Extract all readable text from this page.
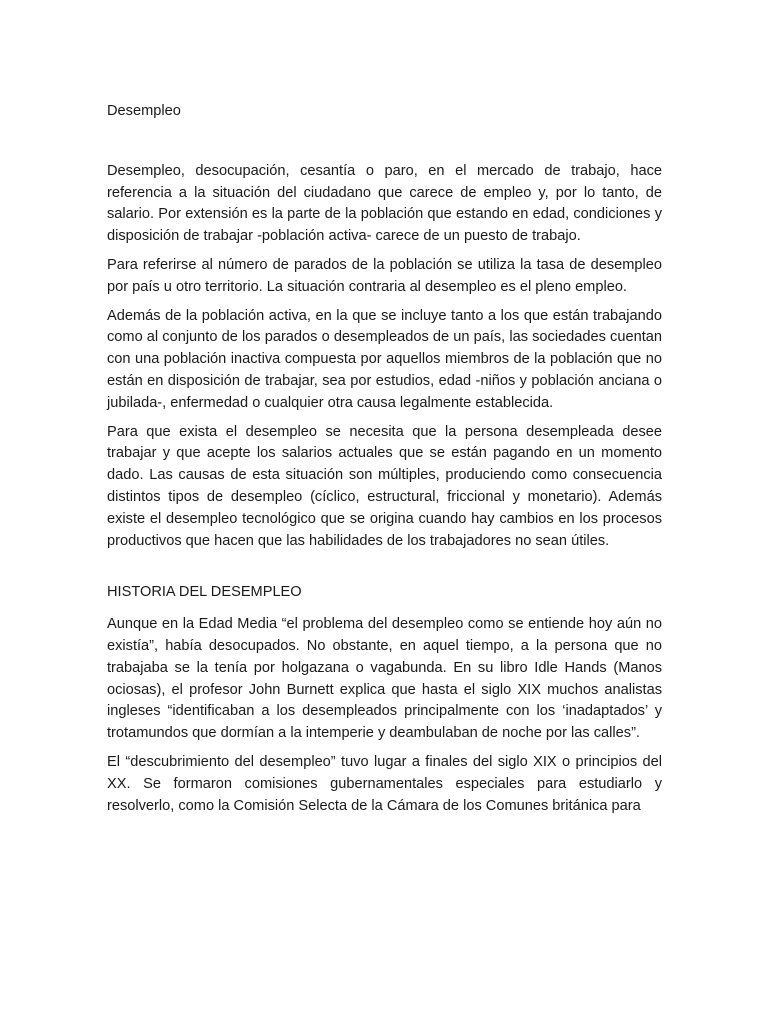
Desempleo

Desempleo, desocupación, cesantía o paro, en el mercado de trabajo, hace referencia a la situación del ciudadano que carece de empleo y, por lo tanto, de salario. Por extensión es la parte de la población que estando en edad, condiciones y disposición de trabajar -población activa- carece de un puesto de trabajo.

Para referirse al número de parados de la población se utiliza la tasa de desempleo por país u otro territorio. La situación contraria al desempleo es el pleno empleo.

Además de la población activa, en la que se incluye tanto a los que están trabajando como al conjunto de los parados o desempleados de un país, las sociedades cuentan con una población inactiva compuesta por aquellos miembros de la población que no están en disposición de trabajar, sea por estudios, edad -niños y población anciana o jubilada-, enfermedad o cualquier otra causa legalmente establecida.

Para que exista el desempleo se necesita que la persona desempleada desee trabajar y que acepte los salarios actuales que se están pagando en un momento dado. Las causas de esta situación son múltiples, produciendo como consecuencia distintos tipos de desempleo (cíclico, estructural, friccional y monetario). Además existe el desempleo tecnológico que se origina cuando hay cambios en los procesos productivos que hacen que las habilidades de los trabajadores no sean útiles.

HISTORIA DEL DESEMPLEO

Aunque en la Edad Media “el problema del desempleo como se entiende hoy aún no existía”, había desocupados. No obstante, en aquel tiempo, a la persona que no trabajaba se la tenía por holgazana o vagabunda. En su libro Idle Hands (Manos ociosas), el profesor John Burnett explica que hasta el siglo XIX muchos analistas ingleses “identificaban a los desempleados principalmente con los ‘inadaptados’ y trotamundos que dormían a la intemperie y deambulaban de noche por las calles”.

El “descubrimiento del desempleo” tuvo lugar a finales del siglo XIX o principios del XX. Se formaron comisiones gubernamentales especiales para estudiarlo y resolverlo, como la Comisión Selecta de la Cámara de los Comunes británica para
